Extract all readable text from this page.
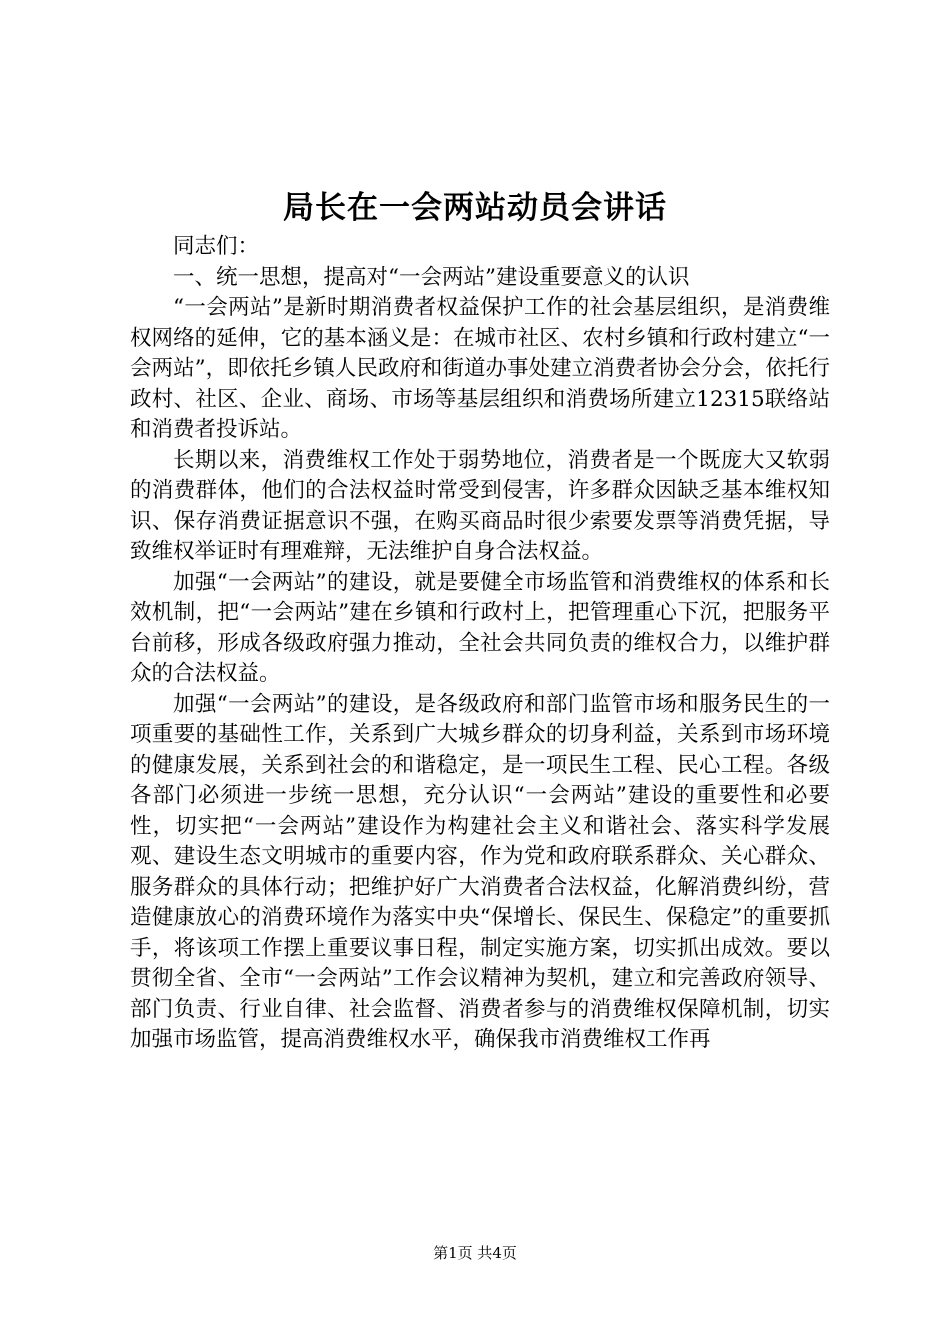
局长在一会两站动员会讲话

同志们：

一、统一思想，提高对“一会两站”建设重要意义的认识

“一会两站”是新时期消费者权益保护工作的社会基层组织，是消费维权网络的延伸，它的基本涵义是：在城市社区、农村乡镇和行政村建立“一会两站”，即依托乡镇人民政府和街道办事处建立消费者协会分会，依托行政村、社区、企业、商场、市场等基层组织和消费场所建立12315联络站和消费者投诉站。

长期以来，消费维权工作处于弱势地位，消费者是一个既庞大又软弱的消费群体，他们的合法权益时常受到侵害，许多群众因缺乏基本维权知识、保存消费证据意识不强，在购买商品时很少索要发票等消费凭据，导致维权举证时有理难辩，无法维护自身合法权益。

加强“一会两站”的建设，就是要健全市场监管和消费维权的体系和长效机制，把“一会两站”建在乡镇和行政村上，把管理重心下沉，把服务平台前移，形成各级政府强力推动，全社会共同负责的维权合力，以维护群众的合法权益。

加强“一会两站”的建设，是各级政府和部门监管市场和服务民生的一项重要的基础性工作，关系到广大城乡群众的切身利益，关系到市场环境的健康发展，关系到社会的和谐稳定，是一项民生工程、民心工程。各级各部门必须进一步统一思想，充分认识“一会两站”建设的重要性和必要性，切实把“一会两站”建设作为构建社会主义和谐社会、落实科学发展观、建设生态文明城市的重要内容，作为党和政府联系群众、关心群众、服务群众的具体行动；把维护好广大消费者合法权益，化解消费纠纷，营造健康放心的消费环境作为落实中央“保增长、保民生、保稳定”的重要抓手，将该项工作摆上重要议事日程，制定实施方案，切实抓出成效。要以贯彻全省、全市“一会两站”工作会议精神为契机，建立和完善政府领导、部门负责、行业自律、社会监督、消费者参与的消费维权保障机制，切实加强市场监管，提高消费维权水平，确保我市消费维权工作再

第1页 共4页
